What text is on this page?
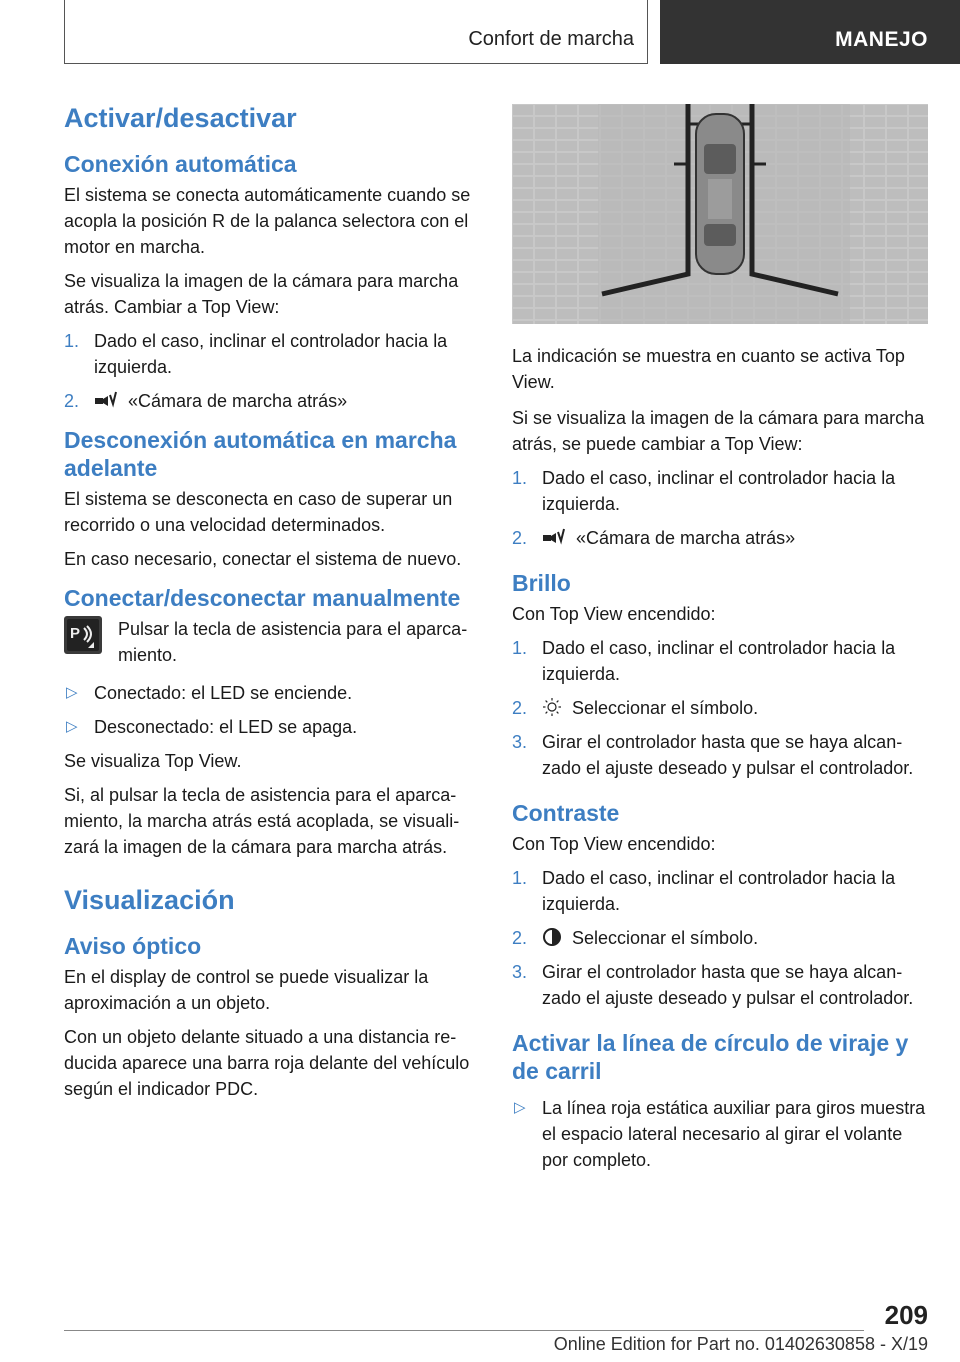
Confort de marcha	MANEJO
Activar/desactivar
Conexión automática

El sistema se conecta automáticamente cuando se acopla la posición R de la palanca selectora con el motor en marcha.

Se visualiza la imagen de la cámara para marcha atrás. Cambiar a Top View:

1. Dado el caso, inclinar el controlador hacia la izquierda.
2.	«Cámara de marcha atrás»
Desconexión automática en marcha adelante

El sistema se desconecta en caso de superar un recorrido o una velocidad determinados.

En caso necesario, conectar el sistema de nuevo.

Conectar/desconectar manualmente
P Pulsar la tecla de asistencia para el aparcamiento.

▷ Conectado: el LED se enciende.
▷ Desconectado: el LED se apaga.

Se visualiza Top View.

Si, al pulsar la tecla de asistencia para el aparcamiento, la marcha atrás está acoplada, se visualizará la imagen de la cámara para marcha atrás.

Visualización
Aviso óptico

En el display de control se puede visualizar la aproximación a un objeto.

Con un objeto delante situado a una distancia reducida aparece una barra roja delante del vehículo según el indicador PDC.

La indicación se muestra en cuanto se activa Top View.

Si se visualiza la imagen de la cámara para marcha atrás, se puede cambiar a Top View:

1. Dado el caso, inclinar el controlador hacia la izquierda.
2.	«Cámara de marcha atrás»
Brillo

Con Top View encendido:

1. Dado el caso, inclinar el controlador hacia la izquierda.
2. Seleccionar el símbolo.
3. Girar el controlador hasta que se haya alcanzado el ajuste deseado y pulsar el controlador.
Contraste

Con Top View encendido:

1. Dado el caso, inclinar el controlador hacia la izquierda.
2. Seleccionar el símbolo.
3. Girar el controlador hasta que se haya alcanzado el ajuste deseado y pulsar el controlador.
Activar la línea de círculo de viraje y de carril
▷ La línea roja estática auxiliar para giros muestra el espacio lateral necesario al girar el volante por completo.
209
Online Edition for Part no. 01402630858 - X/19
